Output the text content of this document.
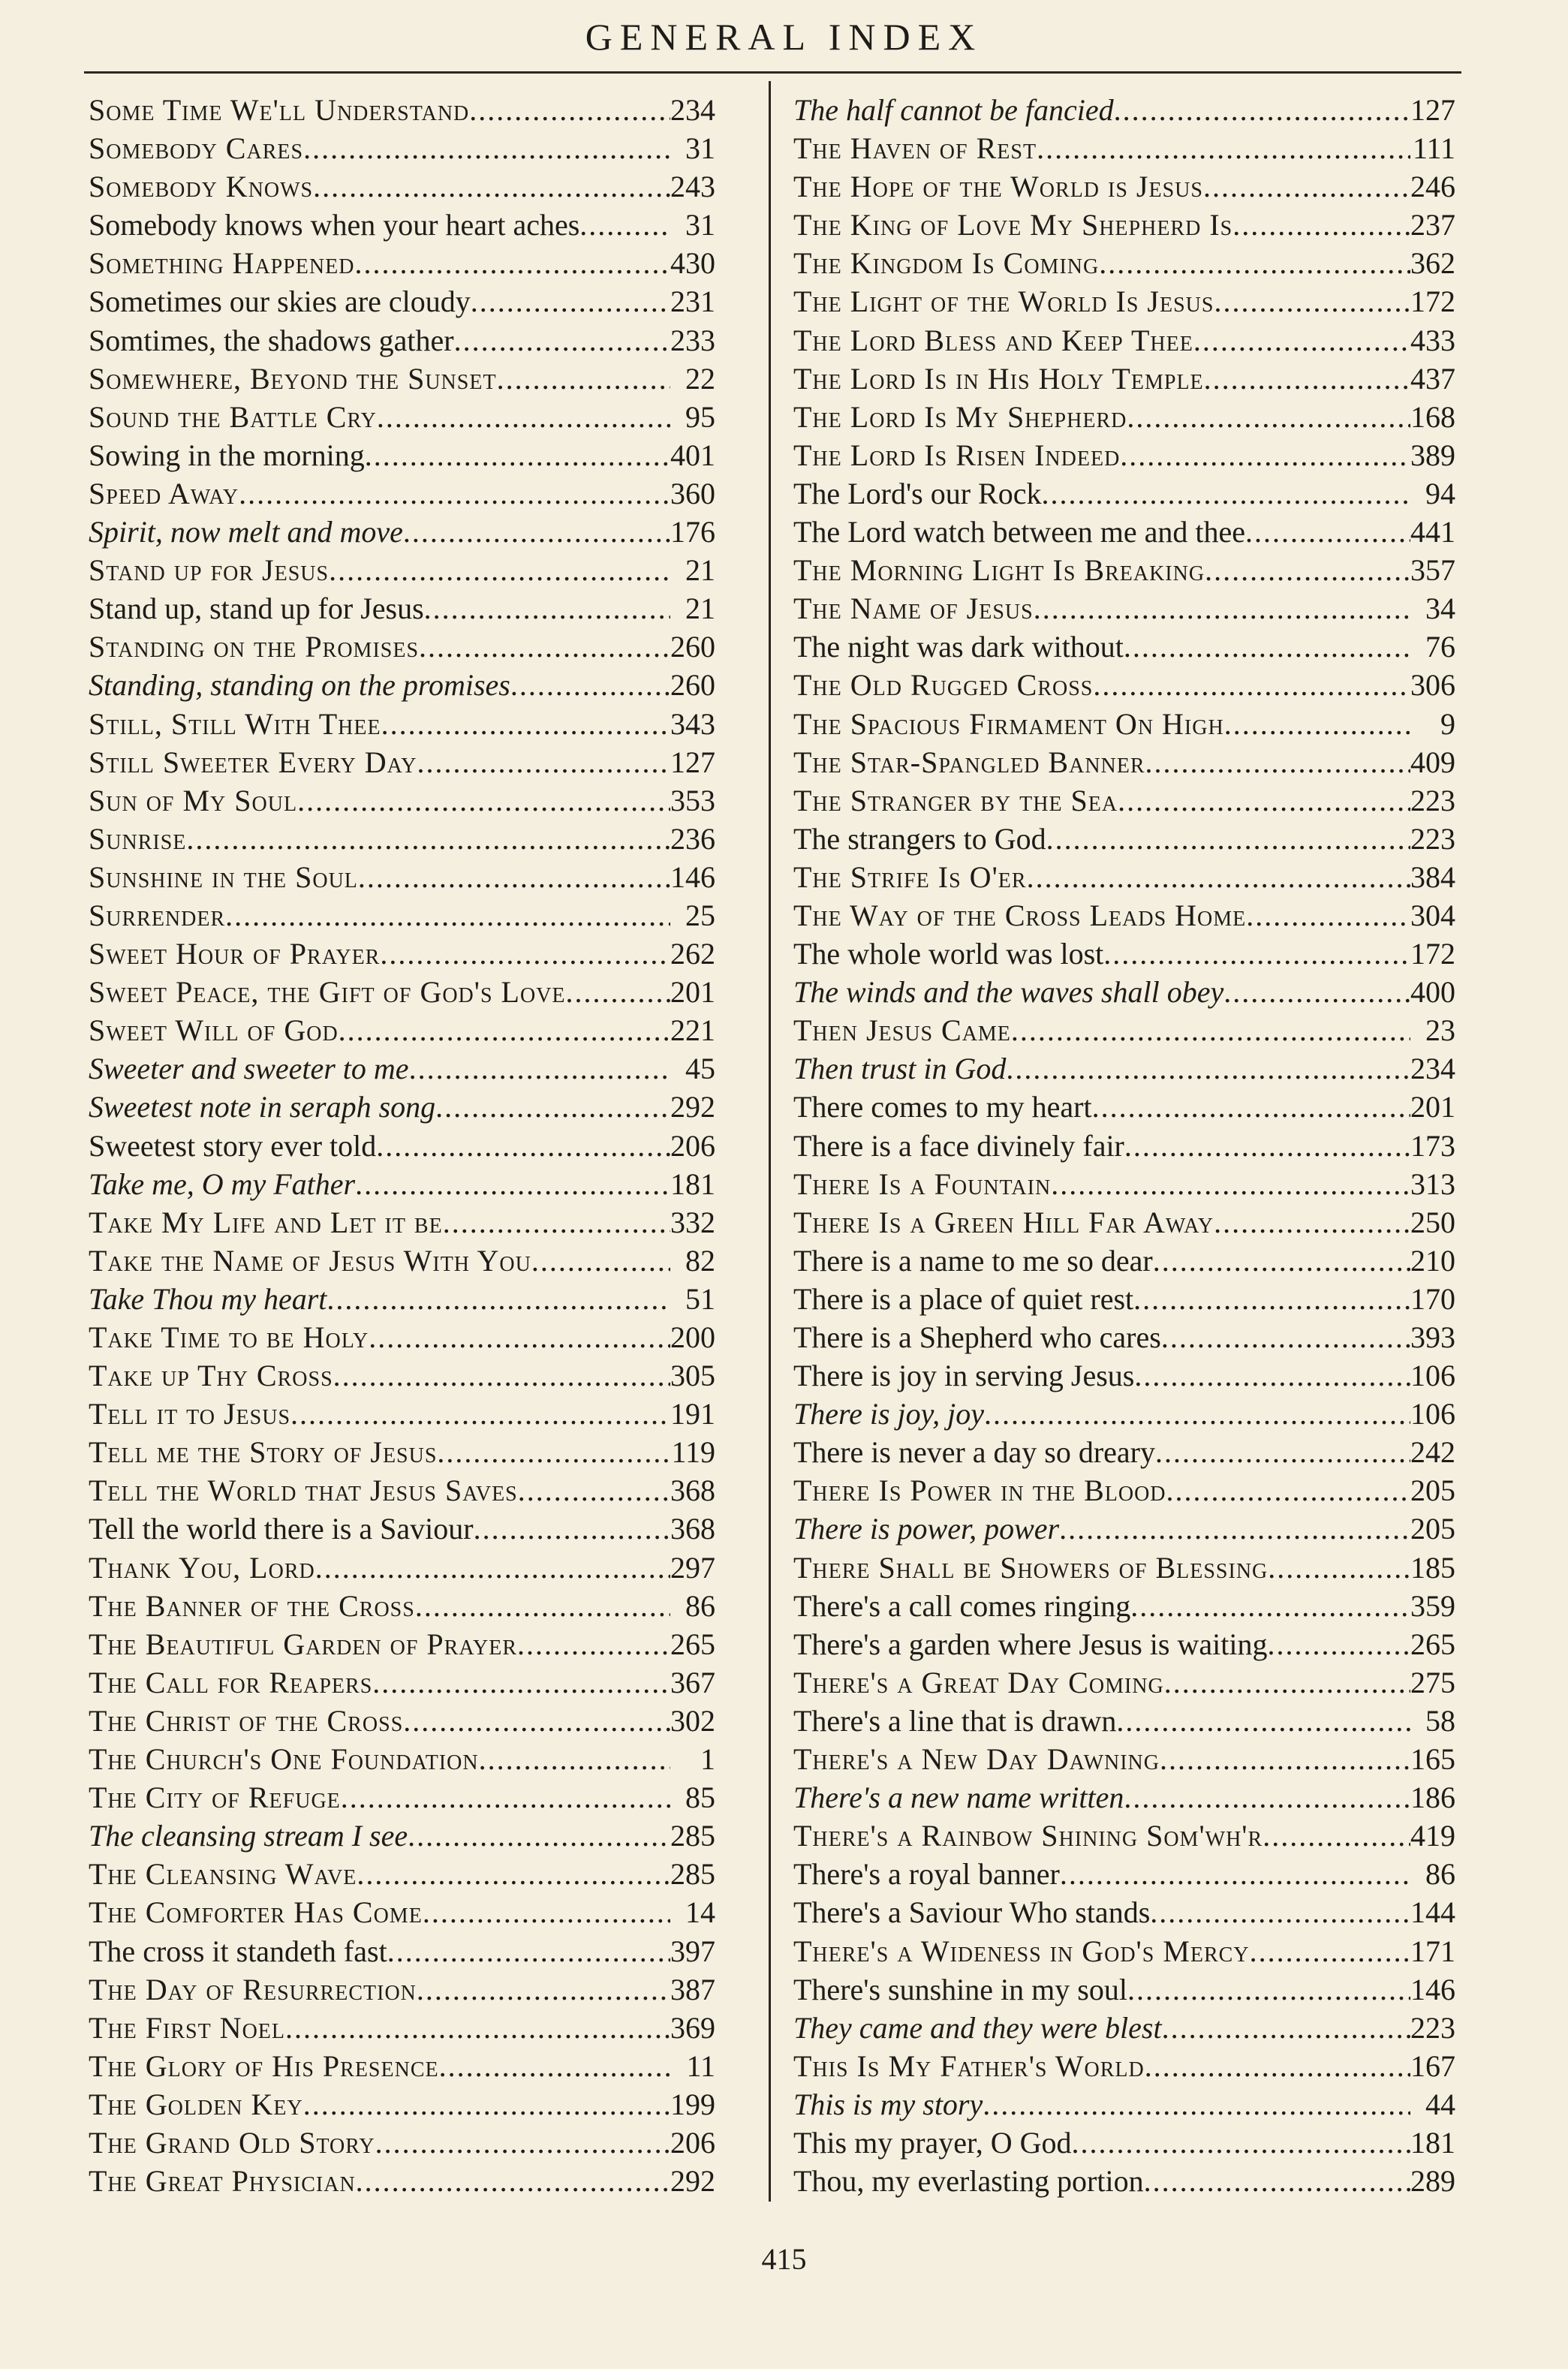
GENERAL INDEX
Some Time We'll Understand .....	234
Somebody Cares .....	31
Somebody Knows .....	243
Somebody knows when your heart aches .....	31
Something Happened .....	430
Sometimes our skies are cloudy .....	231
Somtimes, the shadows gather .....	233
Somewhere, Beyond the Sunset .....	22
Sound the Battle Cry .....	95
Sowing in the morning .....	401
Speed Away .....	360
Spirit, now melt and move .....	176
Stand up for Jesus .....	21
Stand up, stand up for Jesus .....	21
Standing on the Promises .....	260
Standing, standing on the promises .....	260
Still, Still With Thee .....	343
Still Sweeter Every Day .....	127
Sun of My Soul .....	353
Sunrise .....	236
Sunshine in the Soul .....	146
Surrender .....	25
Sweet Hour of Prayer .....	262
Sweet Peace, the Gift of God's Love .....	201
Sweet Will of God .....	221
Sweeter and sweeter to me .....	45
Sweetest note in seraph song .....	292
Sweetest story ever told .....	206
Take me, O my Father .....	181
Take My Life and Let it be .....	332
Take the Name of Jesus With You .....	82
Take Thou my heart .....	51
Take Time to be Holy .....	200
Take up Thy Cross .....	305
Tell it to Jesus .....	191
Tell me the Story of Jesus .....	119
Tell the World that Jesus Saves .....	368
Tell the world there is a Saviour .....	368
Thank You, Lord .....	297
The Banner of the Cross .....	86
The Beautiful Garden of Prayer .....	265
The Call for Reapers .....	367
The Christ of the Cross .....	302
The Church's One Foundation .....	1
The City of Refuge .....	85
The cleansing stream I see .....	285
The Cleansing Wave .....	285
The Comforter Has Come .....	14
The cross it standeth fast .....	397
The Day of Resurrection .....	387
The First Noel .....	369
The Glory of His Presence .....	11
The Golden Key .....	199
The Grand Old Story .....	206
The Great Physician .....	292
The half cannot be fancied .....	127
The Haven of Rest .....	111
The Hope of the World is Jesus .....	246
The King of Love My Shepherd Is .....	237
The Kingdom Is Coming .....	362
The Light of the World Is Jesus .....	172
The Lord Bless and Keep Thee .....	433
The Lord Is in His Holy Temple .....	437
The Lord Is My Shepherd .....	168
The Lord Is Risen Indeed .....	389
The Lord's our Rock .....	94
The Lord watch between me and thee .....	441
The Morning Light Is Breaking .....	357
The Name of Jesus .....	34
The night was dark without .....	76
The Old Rugged Cross .....	306
The Spacious Firmament On High .....	9
The Star-Spangled Banner .....	409
The Stranger by the Sea .....	223
The strangers to God .....	223
The Strife Is O'er .....	384
The Way of the Cross Leads Home .....	304
The whole world was lost .....	172
The winds and the waves shall obey .....	400
Then Jesus Came .....	23
Then trust in God .....	234
There comes to my heart .....	201
There is a face divinely fair .....	173
There Is a Fountain .....	313
There Is a Green Hill Far Away .....	250
There is a name to me so dear .....	210
There is a place of quiet rest .....	170
There is a Shepherd who cares .....	393
There is joy in serving Jesus .....	106
There is joy, joy .....	106
There is never a day so dreary .....	242
There Is Power in the Blood .....	205
There is power, power .....	205
There Shall be Showers of Blessing .....	185
There's a call comes ringing .....	359
There's a garden where Jesus is waiting .....	265
There's a Great Day Coming .....	275
There's a line that is drawn .....	58
There's a New Day Dawning .....	165
There's a new name written .....	186
There's a Rainbow Shining Som'wh'r .....	419
There's a royal banner .....	86
There's a Saviour Who stands .....	144
There's a Wideness in God's Mercy .....	171
There's sunshine in my soul .....	146
They came and they were blest .....	223
This Is My Father's World .....	167
This is my story .....	44
This my prayer, O God .....	181
Thou, my everlasting portion .....	289
415
